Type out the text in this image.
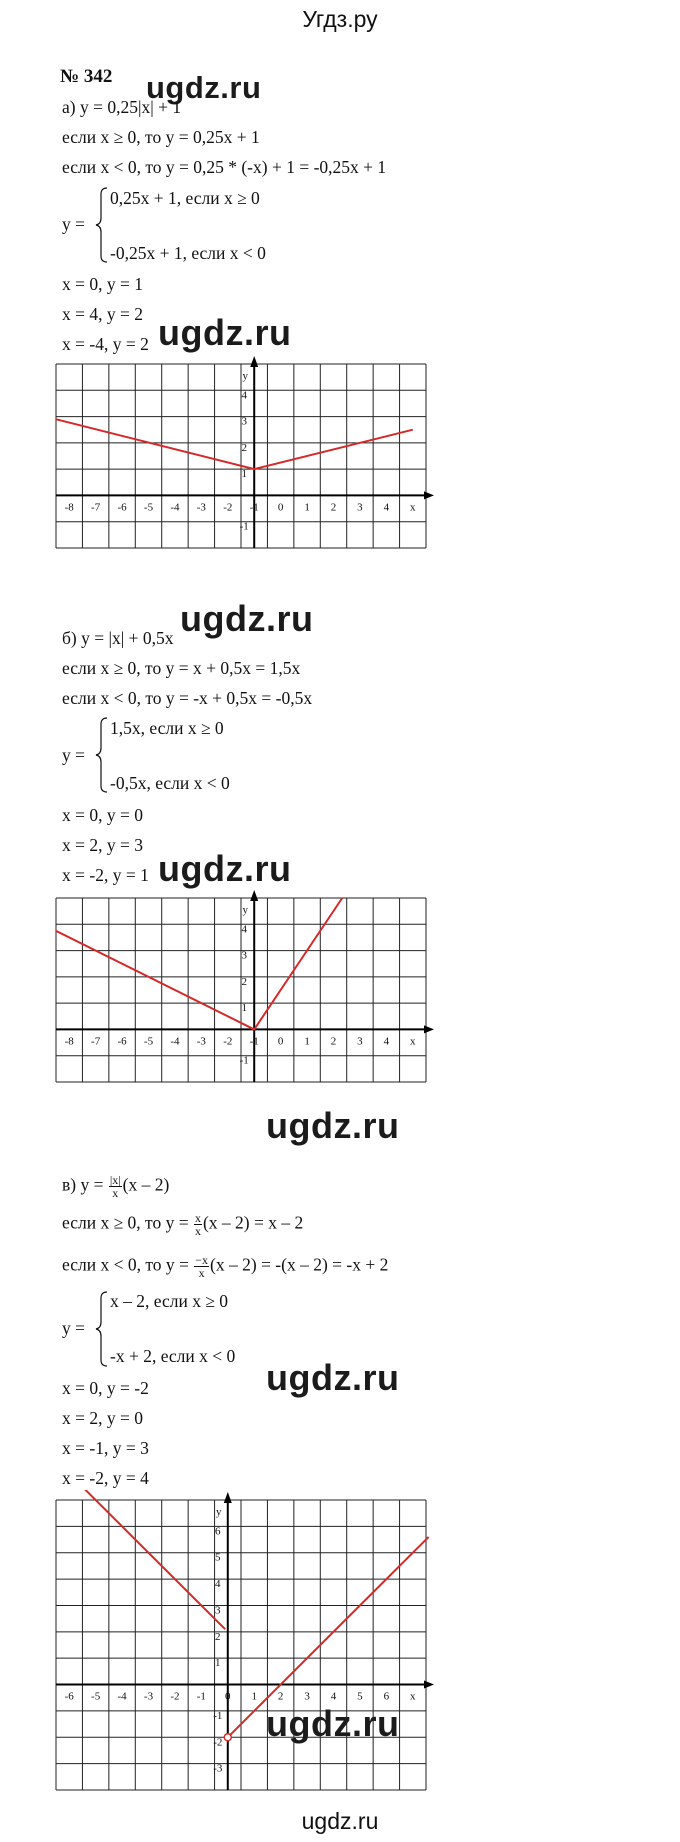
Угдз.ру
№ 342 ugdz.ru
ugdz.ru
ugdz.ru
ugdz.ru
ugdz.ru
ugdz.ru
ugdz.ru
а) y = 0,25|x| + 1
если x ≥ 0, то y = 0,25x + 1
если x < 0, то y = 0,25 * (-x) + 1 = -0,25x + 1
y =
0,25x + 1, если x ≥ 0
-0,25x + 1, если x < 0
x = 0, y = 1
x = 4, y = 2
x = -4, y = 2
-8 -7 -6 -5 -4 -3 -2 -1 0 1 2 3 4 x
y
4
3
2
1
-1
б) y = |x| + 0,5x
если x ≥ 0, то y = x + 0,5x = 1,5x
если x < 0, то y = -x + 0,5x = -0,5x
y =
1,5x, если x ≥ 0
-0,5x, если x < 0
x = 0, y = 0
x = 2, y = 3
x = -2, y = 1
-8 -7 -6 -5 -4 -3 -2 -1 0 1 2 3 4 x
y
4
3
2
1
-1
в) $y = \frac{|x|}{x} (x - 2)$
если x ≥ 0, то $y = \frac{x}{x} (x - 2) = x - 2$
если x < 0, то $y = \frac{-x}{x} (x - 2) = -(x - 2) = -x + 2$
y =
x – 2, если x ≥ 0
-x + 2, если x < 0
x = 0, y = -2
x = 2, y = 0
x = -1, y = 3
x = -2, y = 4
-6 -5 -4 -3 -2 -1 0 1 2 3 4 5 6 x
y
6
5
4
3
2
1
-1
-2
-3
ugdz.ru
